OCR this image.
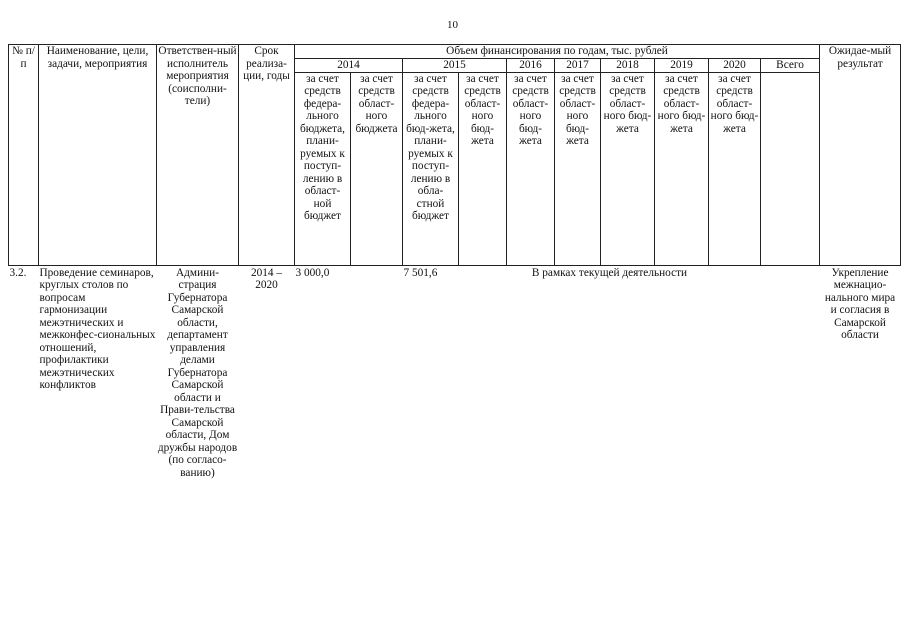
10
№ п/п	Наименование, цели, задачи, мероприятия	Ответствен-ный исполнитель мероприятия (соисполни-тели)	Срок реализа-ции, годы	Объем финансирования по годам, тыс. рублей										Ожидае-мый результат
				2014		2015		2016	2017	2018	2019	2020	Всего	
				за счет средств федера-льного бюджета, плани-руемых к поступ-лению в област-ной бюджет	за счет средств област-ного бюджета	за счет средств федера-льного бюд-жета, плани-руемых к поступ-лению в обла-стной бюджет	за счет средств област-ного бюд-жета	за счет средств област-ного бюд-жета	за счет средств област-ного бюд-жета	за счет средств област-ного бюд-жета	за счет средств област-ного бюд-жета	за счет средств област-ного бюд-жета		
3.2.	Проведение семинаров, круглых столов по вопросам гармонизации межэтнических и межконфес-сиональных отношений, профилактики межэтнических конфликтов	Админи-страция Губернатора Самарской области, департамент управления делами Губернатора Самарской области и Прави-тельства Самарской области, Дом дружбы народов (по согласо-ванию)	2014 – 2020	3 000,0		7 501,6	В рамках текущей деятельности							Укрепление межнацио-нального мира и согласия в Самарской области
